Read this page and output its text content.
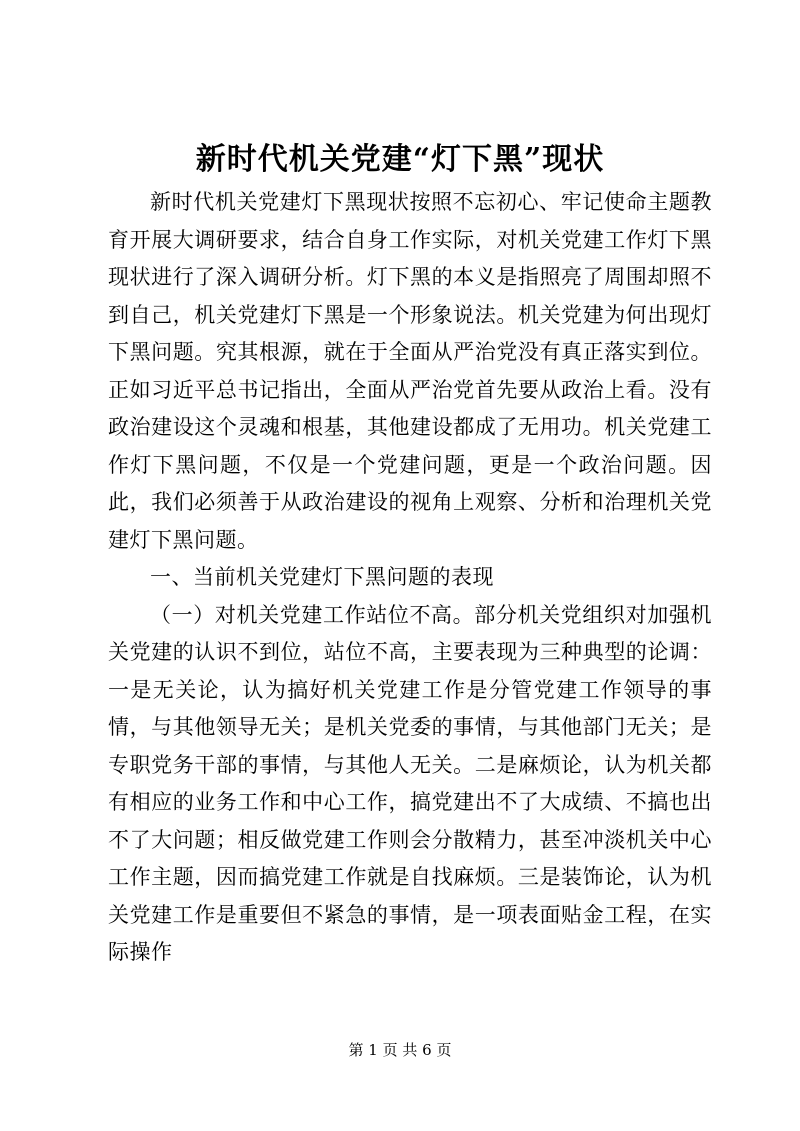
新时代机关党建“灯下黑”现状

新时代机关党建灯下黑现状按照不忘初心、牢记使命主题教育开展大调研要求，结合自身工作实际，对机关党建工作灯下黑现状进行了深入调研分析。灯下黑的本义是指照亮了周围却照不到自己，机关党建灯下黑是一个形象说法。机关党建为何出现灯下黑问题。究其根源，就在于全面从严治党没有真正落实到位。正如习近平总书记指出，全面从严治党首先要从政治上看。没有政治建设这个灵魂和根基，其他建设都成了无用功。机关党建工作灯下黑问题，不仅是一个党建问题，更是一个政治问题。因此，我们必须善于从政治建设的视角上观察、分析和治理机关党建灯下黑问题。

一、当前机关党建灯下黑问题的表现

（一）对机关党建工作站位不高。部分机关党组织对加强机关党建的认识不到位，站位不高，主要表现为三种典型的论调：一是无关论，认为搞好机关党建工作是分管党建工作领导的事情，与其他领导无关；是机关党委的事情，与其他部门无关；是专职党务干部的事情，与其他人无关。二是麻烦论，认为机关都有相应的业务工作和中心工作，搞党建出不了大成绩、不搞也出不了大问题；相反做党建工作则会分散精力，甚至冲淡机关中心工作主题，因而搞党建工作就是自找麻烦。三是装饰论，认为机关党建工作是重要但不紧急的事情，是一项表面贴金工程，在实际操作

第 1 页 共 6 页
